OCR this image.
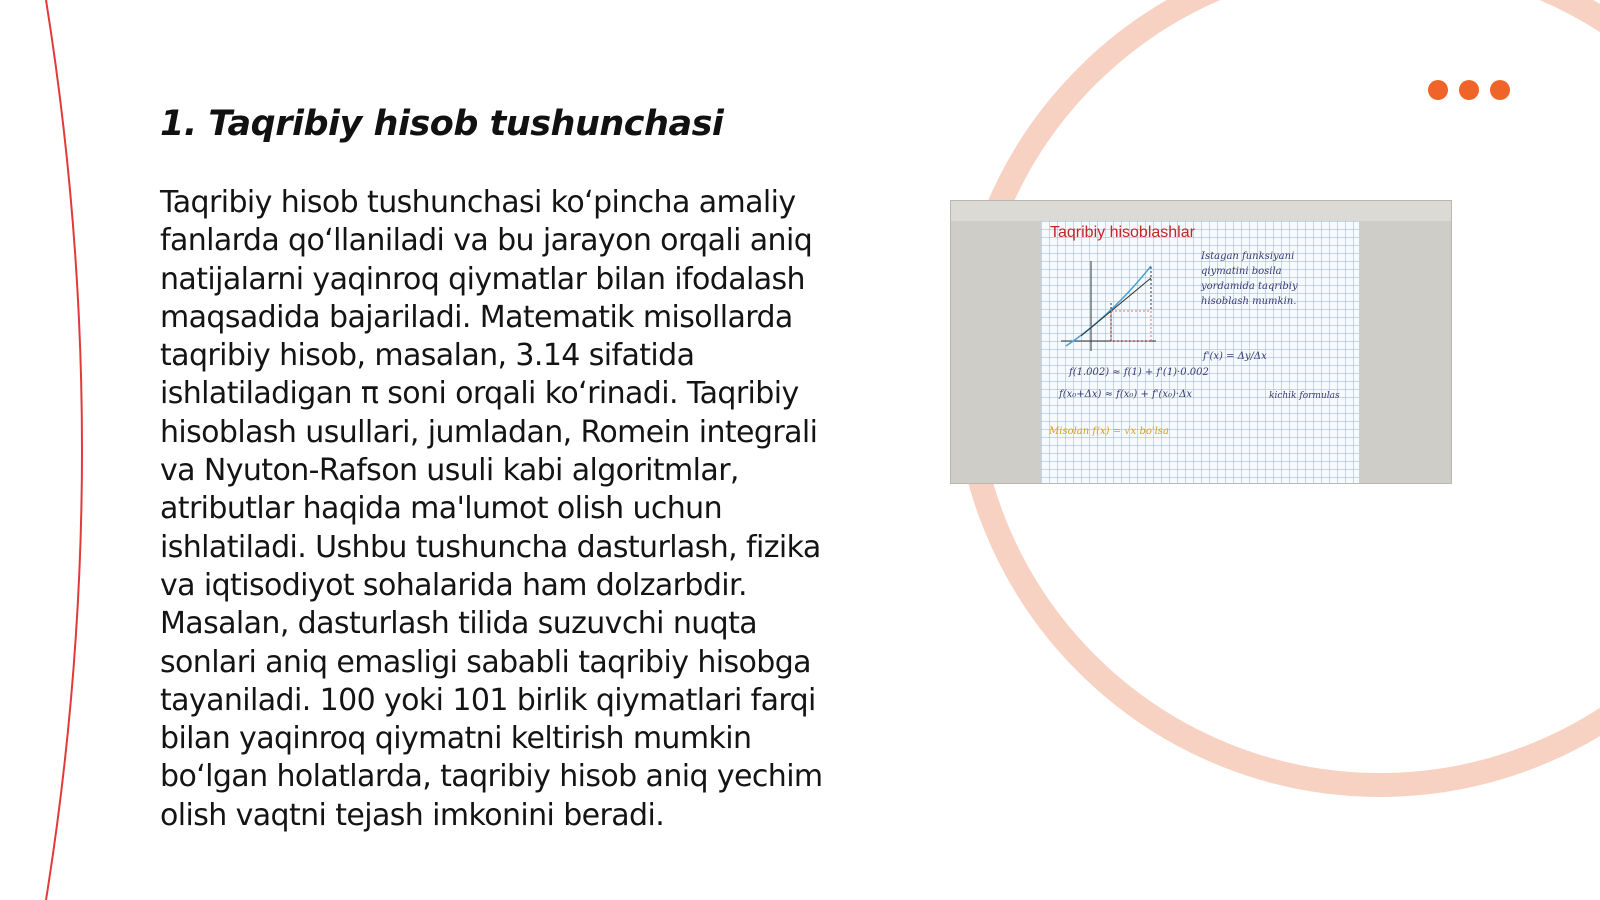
1. Taqribiy hisob tushunchasi

Taqribiy hisob tushunchasi ko‘pincha amaliy fanlarda qo‘llaniladi va bu jarayon orqali aniq natijalarni yaqinroq qiymatlar bilan ifodalash maqsadida bajariladi. Matematik misollarda taqribiy hisob, masalan, 3.14 sifatida ishlatiladigan π soni orqali ko‘rinadi. Taqribiy hisoblash usullari, jumladan, Romein integrali va Nyuton-Rafson usuli kabi algoritmlar, atributlar haqida ma'lumot olish uchun ishlatiladi. Ushbu tushuncha dasturlash, fizika va iqtisodiyot sohalarida ham dolzarbdir. Masalan, dasturlash tilida suzuvchi nuqta sonlari aniq emasligi sababli taqribiy hisobga tayaniladi. 100 yoki 101 birlik qiymatlari farqi bilan yaqinroq qiymatni keltirish mumkin bo‘lgan holatlarda, taqribiy hisob aniq yechim olish vaqtni tejash imkonini beradi.

Taqribiy hisoblashlar
Istagan funksiyani
qiymatini bosila
yordamida taqribiy
hisoblash mumkin.
f(1.002) ≈ f(1) + f'(1)·0.002
f(x₀+Δx) ≈ f(x₀) + f'(x₀)·Δx
Misolan f(x) = √x bo'lsa
kichik formulas
f'(x) = Δy/Δx
